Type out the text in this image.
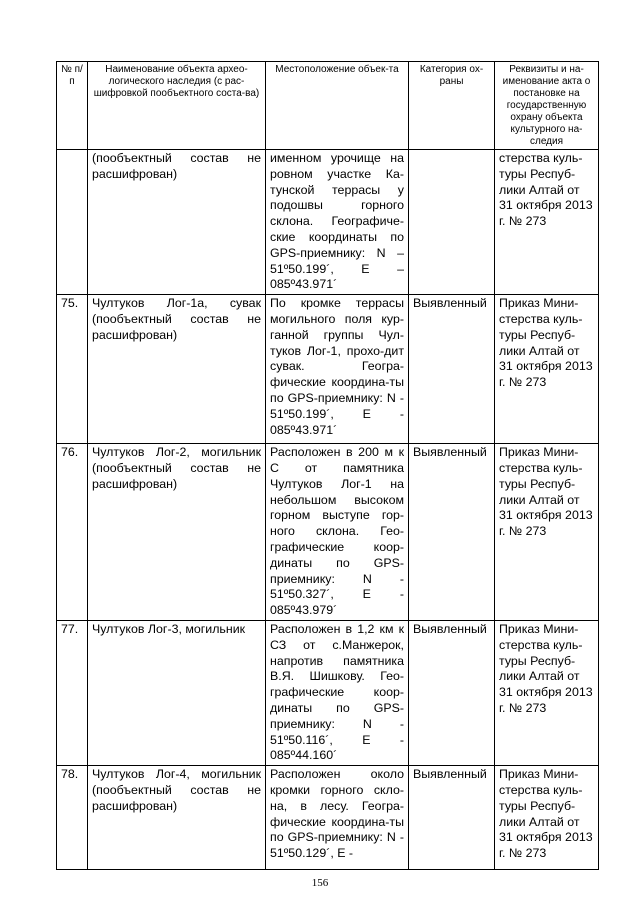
№ п/п	Наименование объекта архео-логического наследия (с рас-шифровкой пообъектного соста-ва)	Местоположение объек-та	Категория ох-раны	Реквизиты и на-именование акта о постановке на государственную охрану объекта культурного на-следия
	(пообъектный состав не расшифрован)	именном урочище на ровном участке Ка-тунской террасы у подошвы горного склона. Географиче-ские координаты по GPS-приемнику: N – 51º50.199´, E – 085º43.971´		стерства куль-туры Респуб-лики Алтай от 31 октября 2013 г. № 273
75.	Чултуков Лог-1а, сувак (пообъектный состав не расшифрован)	По кромке террасы могильного поля кур-ганной группы Чул-туков Лог-1, прохо-дит сувак. Геогра-фические координа-ты по GPS-приемнику: N - 51º50.199´, E - 085º43.971´	Выявленный	Приказ Мини-стерства куль-туры Респуб-лики Алтай от 31 октября 2013 г. № 273
76.	Чултуков Лог-2, могильник (пообъектный состав не расшифрован)	Расположен в 200 м к С от памятника Чултуков Лог-1 на небольшом высоком горном выступе гор-ного склона. Гео-графические коор-динаты по GPS-приемнику: N - 51º50.327´, E - 085º43.979´	Выявленный	Приказ Мини-стерства куль-туры Респуб-лики Алтай от 31 октября 2013 г. № 273
77.	Чултуков Лог-3, могильник	Расположен в 1,2 км к СЗ от с.Манжерок, напротив памятника В.Я. Шишкову. Гео-графические коор-динаты по GPS-приемнику: N - 51º50.116´, E - 085º44.160´	Выявленный	Приказ Мини-стерства куль-туры Респуб-лики Алтай от 31 октября 2013 г. № 273
78.	Чултуков Лог-4, могильник (пообъектный состав не расшифрован)	Расположен около кромки горного скло-на, в лесу. Геогра-фические координа-ты по GPS-приемнику: N - 51º50.129´, E -	Выявленный	Приказ Мини-стерства куль-туры Респуб-лики Алтай от 31 октября 2013 г. № 273
156
